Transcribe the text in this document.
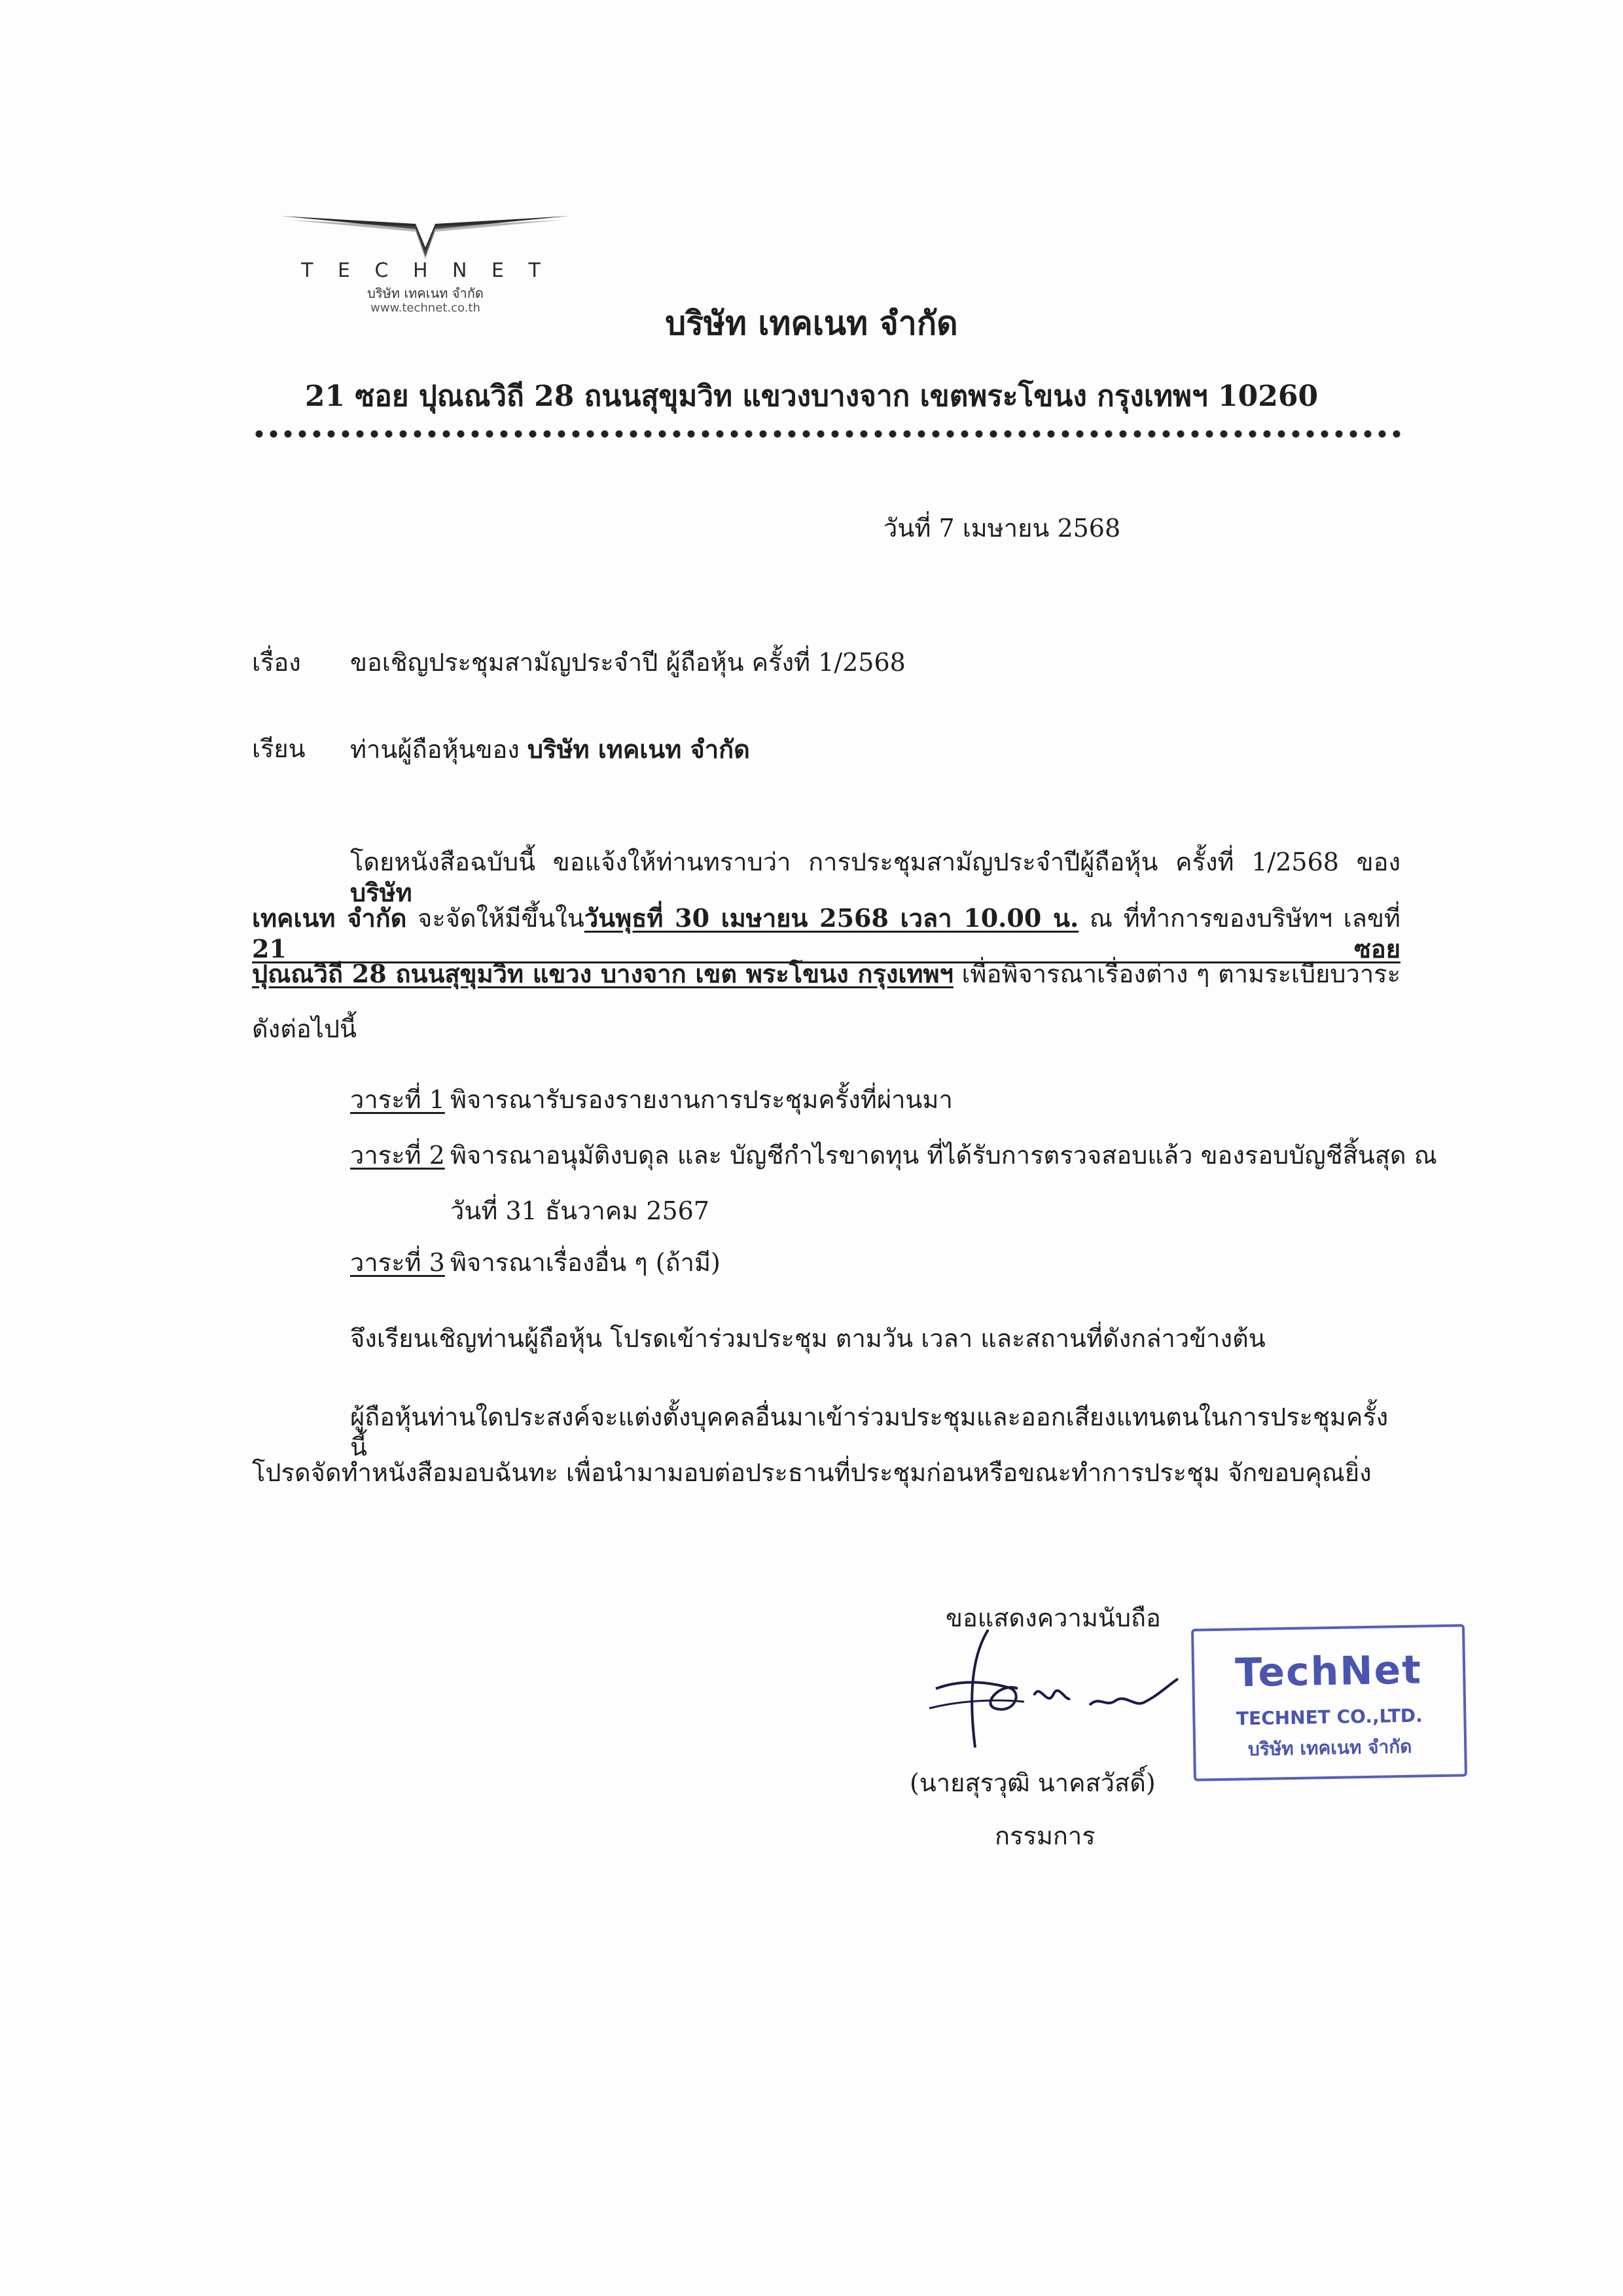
T E C H N E T
บริษัท เทคเนท จำกัด
www.technet.co.th	บริษัท เทคเนท จำกัด
21 ซอย ปุณณวิถี 28 ถนนสุขุมวิท แขวงบางจาก เขตพระโขนง กรุงเทพฯ 10260
วันที่ 7 เมษายน 2568
เรื่อง ขอเชิญประชุมสามัญประจำปี ผู้ถือหุ้น ครั้งที่ 1/2568
เรียน ท่านผู้ถือหุ้นของ บริษัท เทคเนท จำกัด
โดยหนังสือฉบับนี้ ขอแจ้งให้ท่านทราบว่า การประชุมสามัญประจำปีผู้ถือหุ้น ครั้งที่ 1/2568 ของ บริษัท
เทคเนท จำกัด จะจัดให้มีขึ้นในวันพุธที่ 30 เมษายน 2568 เวลา 10.00 น. ณ ที่ทำการของบริษัทฯ เลขที่ 21 ซอย
ปุณณวิถี 28 ถนนสุขุมวิท แขวง บางจาก เขต พระโขนง กรุงเทพฯ เพื่อพิจารณาเรื่องต่าง ๆ ตามระเบียบวาระ
ดังต่อไปนี้
วาระที่ 1 พิจารณารับรองรายงานการประชุมครั้งที่ผ่านมา
วาระที่ 2 พิจารณาอนุมัติงบดุล และ บัญชีกำไรขาดทุน ที่ได้รับการตรวจสอบแล้ว ของรอบบัญชีสิ้นสุด ณ
วันที่ 31 ธันวาคม 2567
วาระที่ 3 พิจารณาเรื่องอื่น ๆ (ถ้ามี)
จึงเรียนเชิญท่านผู้ถือหุ้น โปรดเข้าร่วมประชุม ตามวัน เวลา และสถานที่ดังกล่าวข้างต้น
ผู้ถือหุ้นท่านใดประสงค์จะแต่งตั้งบุคคลอื่นมาเข้าร่วมประชุมและออกเสียงแทนตนในการประชุมครั้งนี้
โปรดจัดทำหนังสือมอบฉันทะ เพื่อนำมามอบต่อประธานที่ประชุมก่อนหรือขณะทำการประชุม จักขอบคุณยิ่ง
ขอแสดงความนับถือ
TechNet
TECHNET CO.,LTD.
บริษัท เทคเนท จำกัด
(นายสุรวุฒิ นาคสวัสดิ์)
กรรมการ
